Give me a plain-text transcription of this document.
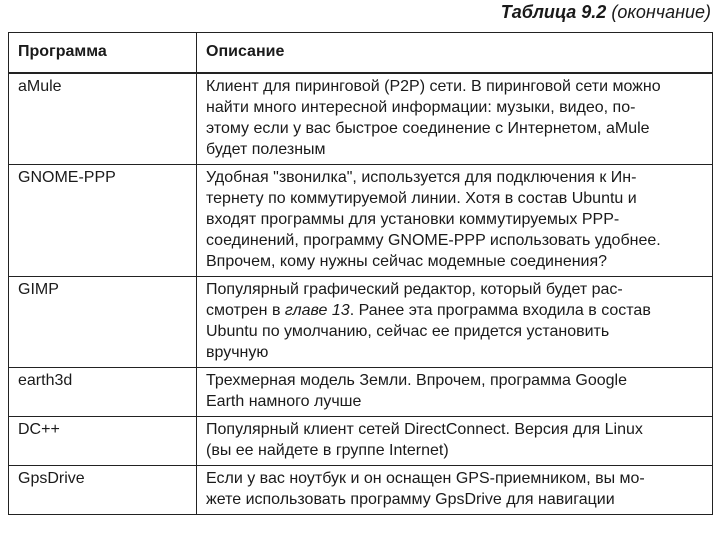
Таблица 9.2 (окончание)
Программа	Описание
aMule	Клиент для пиринговой (P2P) сети. В пиринговой сети можно
найти много интересной информации: музыки, видео, по-
этому если у вас быстрое соединение с Интернетом, aMule
будет полезным

GNOME-PPP	Удобная "звонилка", используется для подключения к Ин-
тернету по коммутируемой линии. Хотя в состав Ubuntu и
входят программы для установки коммутируемых PPP-
соединений, программу GNOME-PPP использовать удобнее.
Впрочем, кому нужны сейчас модемные соединения?

GIMP	Популярный графический редактор, который будет рас-
смотрен в главе 13. Ранее эта программа входила в состав
Ubuntu по умолчанию, сейчас ее придется установить
вручную

earth3d	Трехмерная модель Земли. Впрочем, программа Google
Earth намного лучше

DC++	Популярный клиент сетей DirectConnect. Версия для Linux
(вы ее найдете в группе Internet)

GpsDrive	Если у вас ноутбук и он оснащен GPS-приемником, вы мо-
жете использовать программу GpsDrive для навигации
